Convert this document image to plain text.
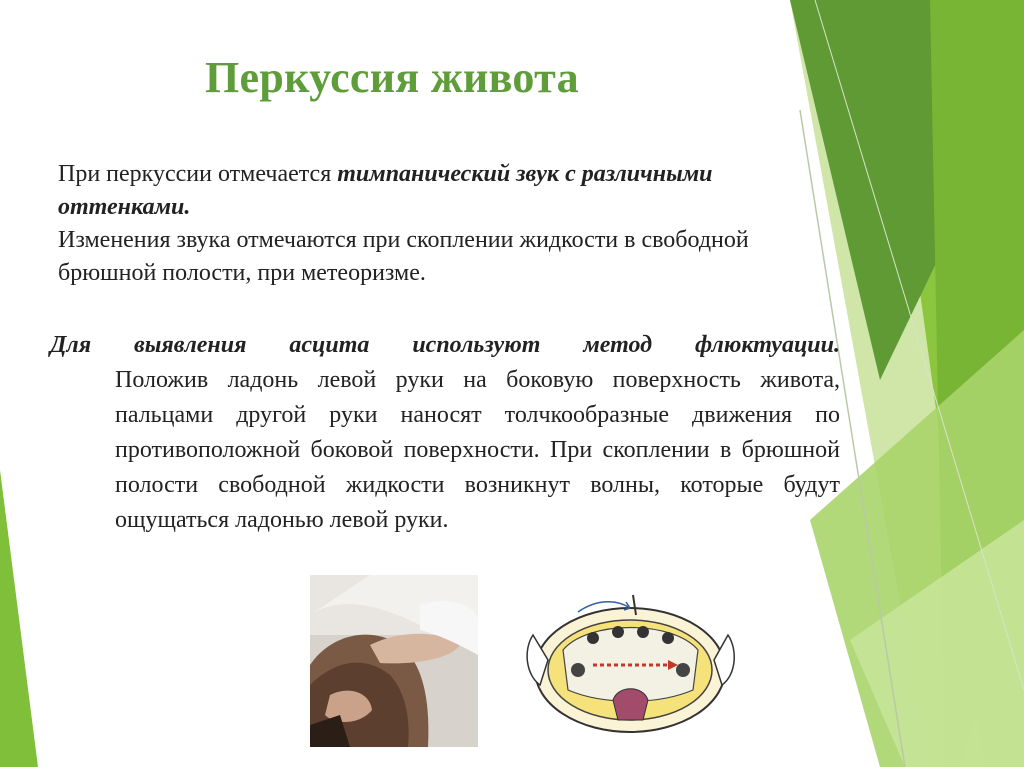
Перкуссия живота

При перкуссии отмечается тимпанический звук с различными оттенками.

Изменения звука отмечаются при скоплении жидкости в свободной брюшной полости, при метеоризме.

Для выявления асцита используют метод флюктуации.
Положив ладонь левой руки на боковую поверхность живота, пальцами другой руки наносят толчкообразные движения по противоположной боковой поверхности. При скоплении в брюшной полости свободной жидкости возникнут волны, которые будут ощущаться ладонью левой руки.
